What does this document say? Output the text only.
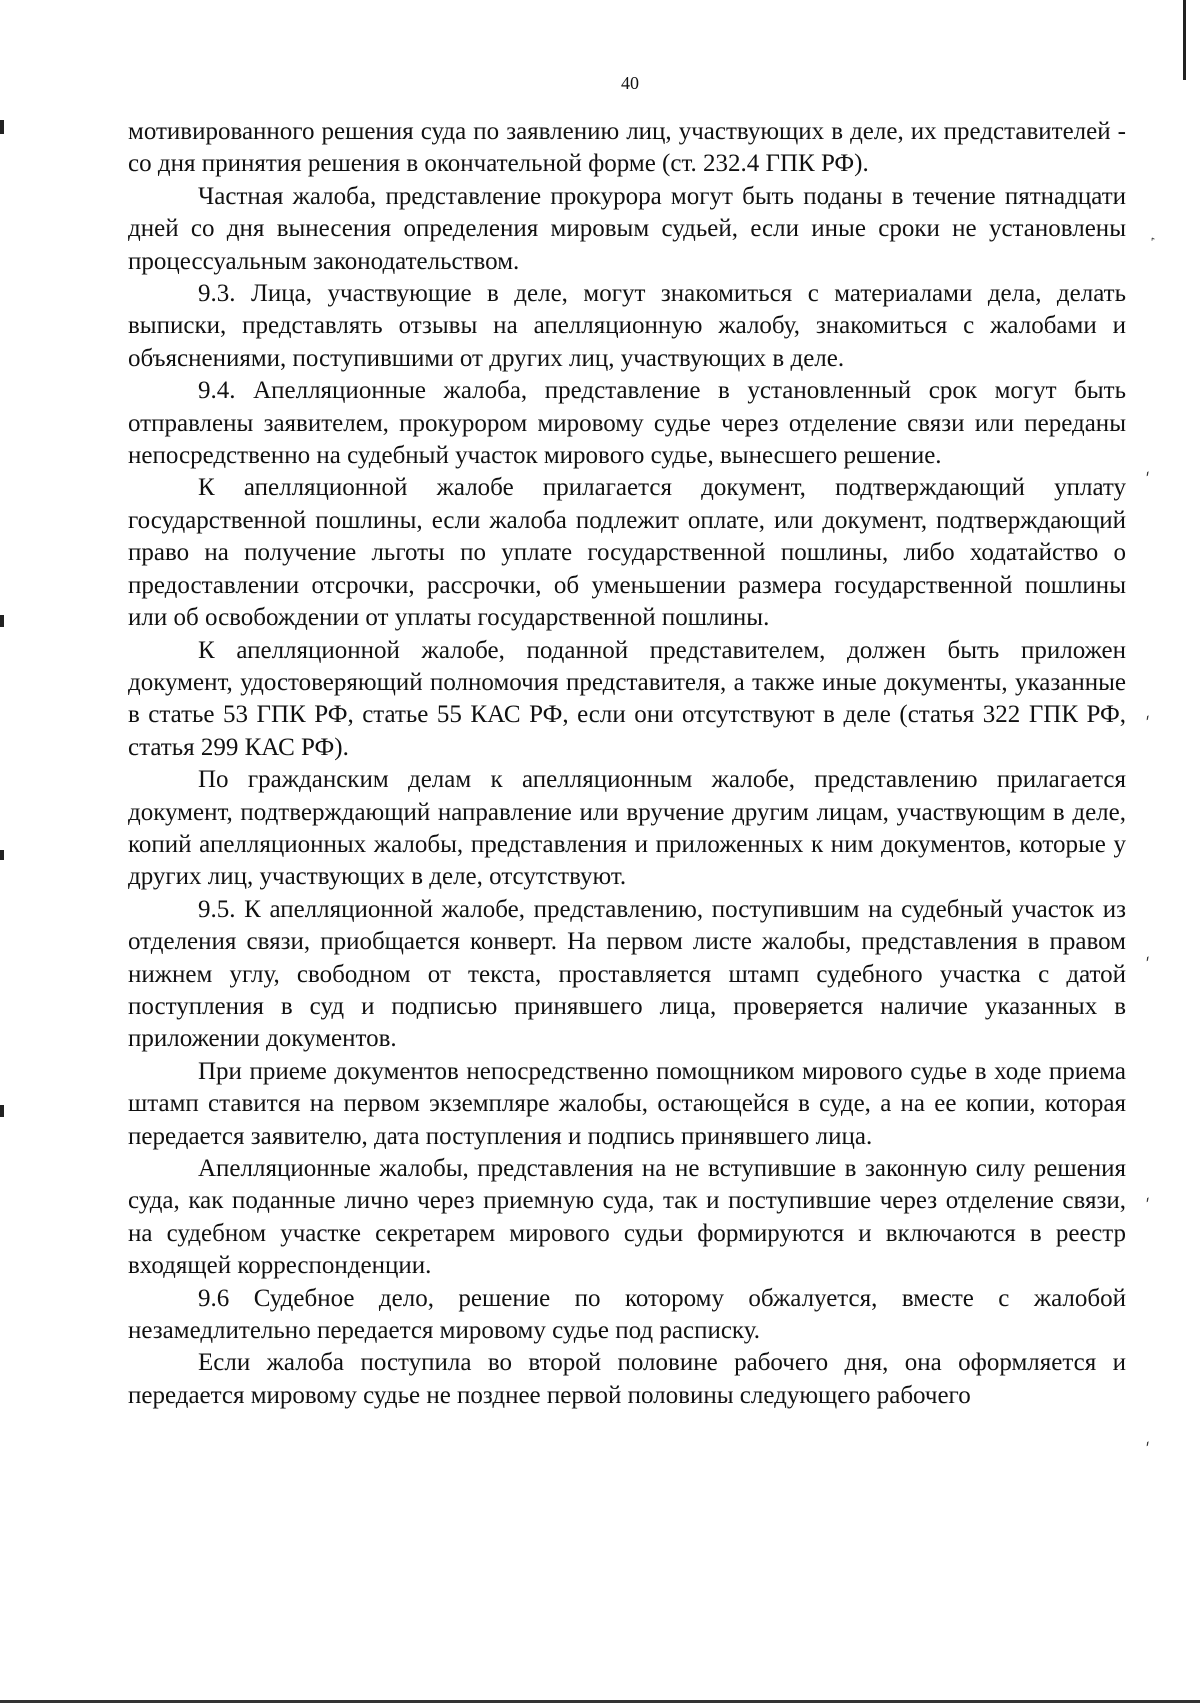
˰
ˊ
ˊ
ˊ
ˊ
ˊ
40

мотивированного решения суда по заявлению лиц, участвующих в деле, их представителей - со дня принятия решения в окончательной форме (ст. 232.4 ГПК РФ).

Частная жалоба, представление прокурора могут быть поданы в течение пятнадцати дней со дня вынесения определения мировым судьей, если иные сроки не установлены процессуальным законодательством.

9.3. Лица, участвующие в деле, могут знакомиться с материалами дела, делать выписки, представлять отзывы на апелляционную жалобу, знакомиться с жалобами и объяснениями, поступившими от других лиц, участвующих в деле.

9.4. Апелляционные жалоба, представление в установленный срок могут быть отправлены заявителем, прокурором мировому судье через отделение связи или переданы непосредственно на судебный участок мирового судье, вынесшего решение.

К апелляционной жалобе прилагается документ, подтверждающий уплату государственной пошлины, если жалоба подлежит оплате, или документ, подтверждающий право на получение льготы по уплате государственной пошлины, либо ходатайство о предоставлении отсрочки, рассрочки, об уменьшении размера государственной пошлины или об освобождении от уплаты государственной пошлины.

К апелляционной жалобе, поданной представителем, должен быть приложен документ, удостоверяющий полномочия представителя, а также иные документы, указанные в статье 53 ГПК РФ, статье 55 КАС РФ, если они отсутствуют в деле (статья 322 ГПК РФ, статья 299 КАС РФ).

По гражданским делам к апелляционным жалобе, представлению прилагается документ, подтверждающий направление или вручение другим лицам, участвующим в деле, копий апелляционных жалобы, представления и приложенных к ним документов, которые у других лиц, участвующих в деле, отсутствуют.

9.5. К апелляционной жалобе, представлению, поступившим на судебный участок из отделения связи, приобщается конверт. На первом листе жалобы, представления в правом нижнем углу, свободном от текста, проставляется штамп судебного участка с датой поступления в суд и подписью принявшего лица, проверяется наличие указанных в приложении документов.

При приеме документов непосредственно помощником мирового судье в ходе приема штамп ставится на первом экземпляре жалобы, остающейся в суде, а на ее копии, которая передается заявителю, дата поступления и подпись принявшего лица.

Апелляционные жалобы, представления на не вступившие в законную силу решения суда, как поданные лично через приемную суда, так и поступившие через отделение связи, на судебном участке секретарем мирового судьи формируются и включаются в реестр входящей корреспонденции.

9.6 Судебное дело, решение по которому обжалуется, вместе с жалобой незамедлительно передается мировому судье под расписку.

Если жалоба поступила во второй половине рабочего дня, она оформляется и передается мировому судье не позднее первой половины следующего рабочего
